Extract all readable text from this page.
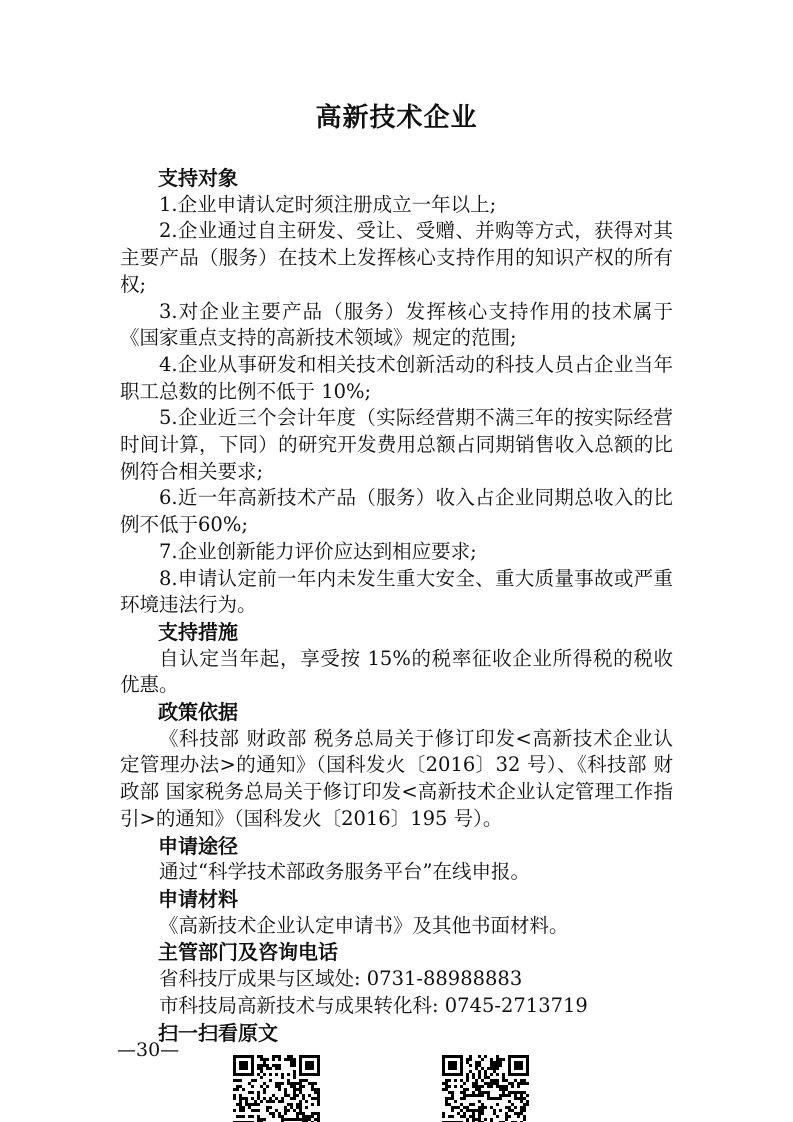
高新技术企业
支持对象

1.企业申请认定时须注册成立一年以上;

2.企业通过自主研发、受让、受赠、并购等方式，获得对其主要产品（服务）在技术上发挥核心支持作用的知识产权的所有权;

3.对企业主要产品（服务）发挥核心支持作用的技术属于《国家重点支持的高新技术领域》规定的范围;

4.企业从事研发和相关技术创新活动的科技人员占企业当年职工总数的比例不低于 10%;

5.企业近三个会计年度（实际经营期不满三年的按实际经营时间计算，下同）的研究开发费用总额占同期销售收入总额的比例符合相关要求;

6.近一年高新技术产品（服务）收入占企业同期总收入的比例不低于60%;

7.企业创新能力评价应达到相应要求;

8.申请认定前一年内未发生重大安全、重大质量事故或严重环境违法行为。

支持措施

自认定当年起，享受按 15%的税率征收企业所得税的税收优惠。

政策依据

《科技部 财政部 税务总局关于修订印发<高新技术企业认定管理办法>的通知》（国科发火〔2016〕32 号）、《科技部 财政部 国家税务总局关于修订印发<高新技术企业认定管理工作指引>的通知》（国科发火〔2016〕195 号）。

申请途径

通过“科学技术部政务服务平台”在线申报。

申请材料

《高新技术企业认定申请书》及其他书面材料。

主管部门及咨询电话

省科技厅成果与区域处: 0731-88988883

市科技局高新技术与成果转化科: 0745-2713719

扫一扫看原文
—30—
